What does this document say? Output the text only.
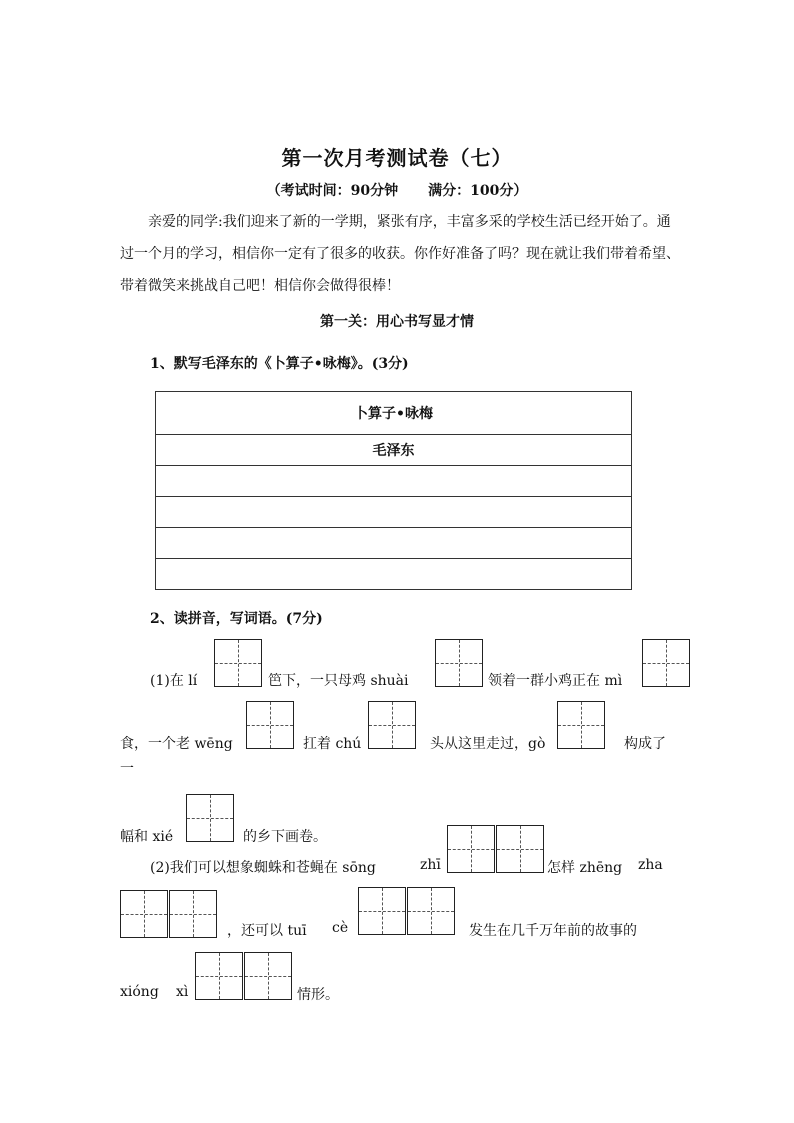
第一次月考测试卷（七）
（考试时间：90分钟 满分：100分）
亲爱的同学:我们迎来了新的一学期，紧张有序，丰富多采的学校生活已经开始了。通过一个月的学习，相信你一定有了很多的收获。你作好准备了吗？现在就让我们带着希望、带着微笑来挑战自己吧！相信你会做得很棒！
第一关：用心书写显才情
1、默写毛泽东的《卜算子•咏梅》。(3分)
卜算子•咏梅
毛泽东

2、读拼音，写词语。(7分)
(1)在 lí	笆下，一只母鸡 shuài	领着一群小鸡正在 mì
食，一个老 wēng	扛着 chú	头从这里走过，gò	构成了
一
幅和 xié	的乡下画卷。
(2)我们可以想象蜘蛛和苍蝇在 sōng	zhī	怎样 zhēng zha
，还可以 tuī cè	发生在几千万年前的故事的
xióng xì	情形。
